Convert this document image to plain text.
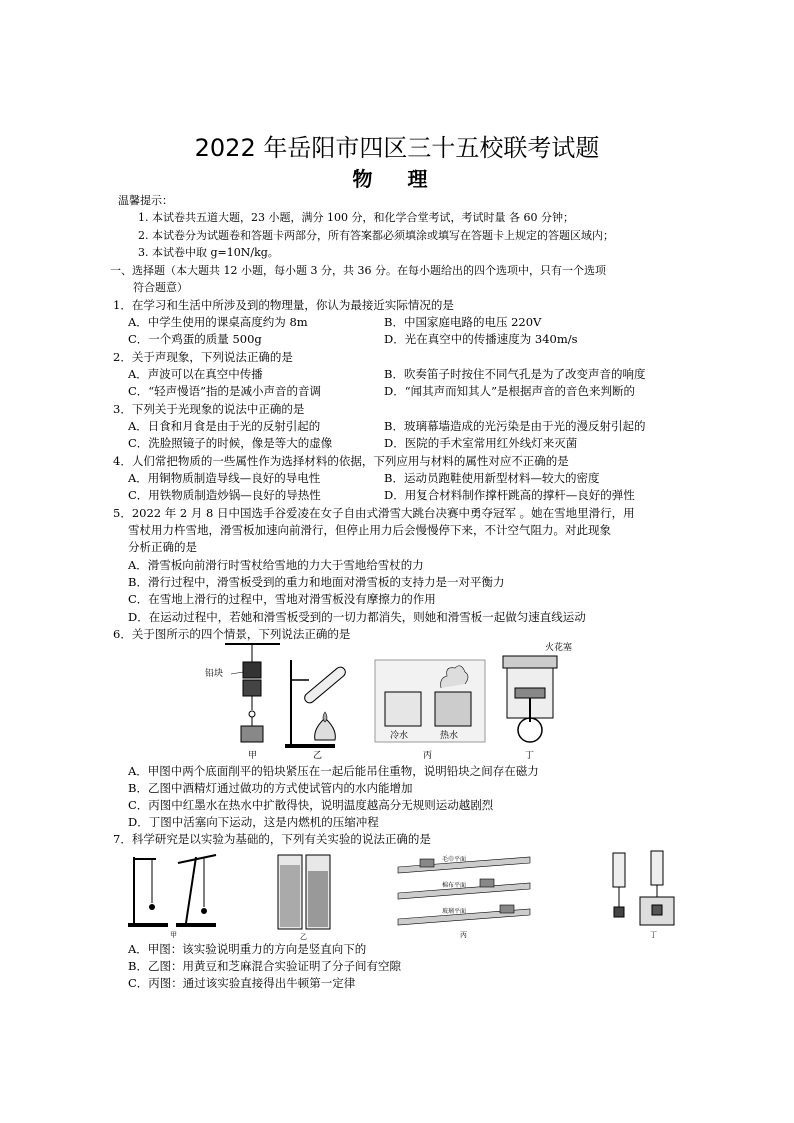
2022 年岳阳市四区三十五校联考试题
物 理
温馨提示：
1. 本试卷共五道大题，23 小题，满分 100 分，和化学合堂考试，考试时量 各 60 分钟；
2. 本试卷分为试题卷和答题卡两部分，所有答案都必须填涂或填写在答题卡上规定的答题区域内；
3. 本试卷中取 g=10N/kg。
一、选择题（本大题共 12 小题，每小题 3 分，共 36 分。在每小题给出的四个选项中，只有一个选项
符合题意）
1．在学习和生活中所涉及到的物理量，你认为最接近实际情况的是
A．中学生使用的课桌高度约为 8m	B．中国家庭电路的电压 220V
C．一个鸡蛋的质量 500g	D．光在真空中的传播速度为 340m/s
2．关于声现象，下列说法正确的是
A．声波可以在真空中传播	B．吹奏笛子时按住不同气孔是为了改变声音的响度
C．“轻声慢语”指的是减小声音的音调	D．“闻其声而知其人”是根据声音的音色来判断的
3．下列关于光现象的说法中正确的是
A．日食和月食是由于光的反射引起的	B．玻璃幕墙造成的光污染是由于光的漫反射引起的
C．洗脸照镜子的时候，像是等大的虚像	D．医院的手术室常用红外线灯来灭菌
4．人们常把物质的一些属性作为选择材料的依据，下列应用与材料的属性对应不正确的是
A．用铜物质制造导线—良好的导电性	B．运动员跑鞋使用新型材料—较大的密度
C．用铁物质制造炒锅—良好的导热性	D．用复合材料制作撑杆跳高的撑杆—良好的弹性
5．2022 年 2 月 8 日中国选手谷爱凌在女子自由式滑雪大跳台决赛中勇夺冠军 。她在雪地里滑行，用
雪杖用力杵雪地，滑雪板加速向前滑行，但停止用力后会慢慢停下来，不计空气阻力。对此现象
分析正确的是
A．滑雪板向前滑行时雪杖给雪地的力大于雪地给雪杖的力
B．滑行过程中，滑雪板受到的重力和地面对滑雪板的支持力是一对平衡力
C．在雪地上滑行的过程中，雪地对滑雪板没有摩擦力的作用
D．在运动过程中，若她和滑雪板受到的一切力都消失，则她和滑雪板一起做匀速直线运动
6．关于图所示的四个情景，下列说法正确的是
铅块
甲	乙
冷水	热水
丙
火花塞
丁
A．甲图中两个底面削平的铅块紧压在一起后能吊住重物，说明铅块之间存在磁力
B．乙图中酒精灯通过做功的方式使试管内的水内能增加
C．丙图中红墨水在热水中扩散得快，说明温度越高分无规则运动越剧烈
D．丁图中活塞向下运动，这是内燃机的压缩冲程
7．科学研究是以实验为基础的，下列有关实验的说法正确的是
甲	乙
毛巾平面
棉布平面
玻璃平面
丙	丁
A．甲图：该实验说明重力的方向是竖直向下的
B．乙图：用黄豆和芝麻混合实验证明了分子间有空隙
C．丙图：通过该实验直接得出牛顿第一定律
